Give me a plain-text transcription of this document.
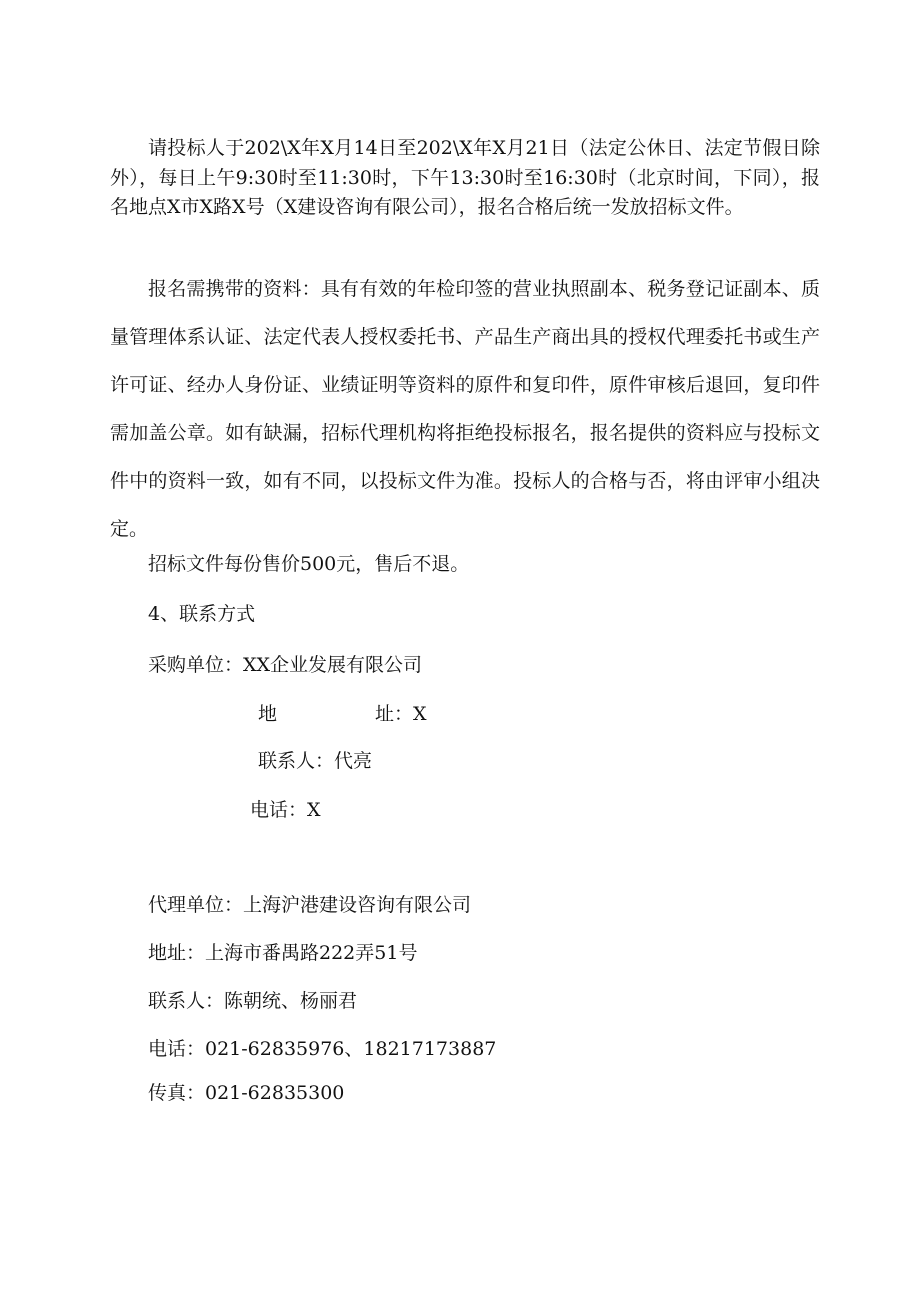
请投标人于202\X年X月14日至202\X年X月21日（法定公休日、法定节假日除外），每日上午9:30时至11:30时，下午13:30时至16:30时（北京时间，下同），报名地点X市X路X号（X建设咨询有限公司），报名合格后统一发放招标文件。

报名需携带的资料：具有有效的年检印签的营业执照副本、税务登记证副本、质量管理体系认证、法定代表人授权委托书、产品生产商出具的授权代理委托书或生产许可证、经办人身份证、业绩证明等资料的原件和复印件，原件审核后退回，复印件需加盖公章。如有缺漏，招标代理机构将拒绝投标报名，报名提供的资料应与投标文件中的资料一致，如有不同，以投标文件为准。投标人的合格与否，将由评审小组决定。

招标文件每份售价500元，售后不退。

4、联系方式

采购单位：XX企业发展有限公司

地	址：X

联系人：代亮

电话：X

代理单位：上海沪港建设咨询有限公司

地址：上海市番禺路222弄51号

联系人：陈朝统、杨丽君

电话：021-62835976、18217173887

传真：021-62835300
